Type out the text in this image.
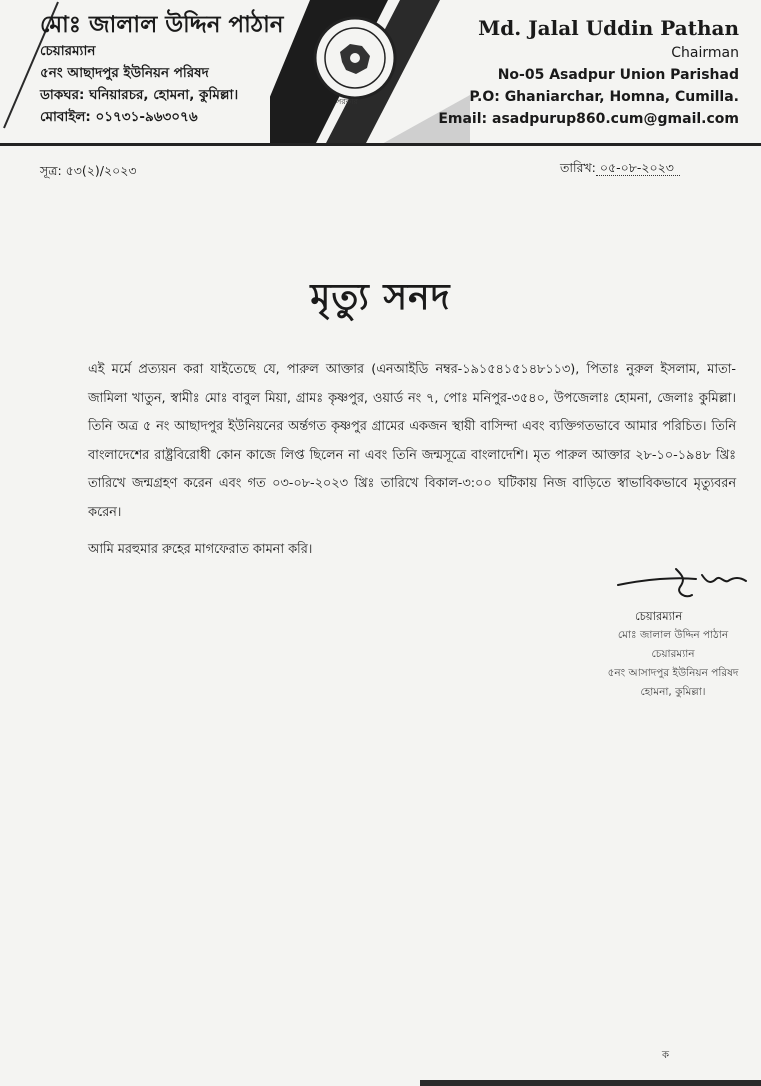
সরকার
মোঃ জালাল উদ্দিন পাঠান
চেয়ারম্যান
৫নং আছাদপুর ইউনিয়ন পরিষদ
ডাকঘর: ঘনিয়ারচর, হোমনা, কুমিল্লা।
মোবাইল: ০১৭৩১-৯৬৩০৭৬
Md. Jalal Uddin Pathan
Chairman
No-05 Asadpur Union Parishad
P.O: Ghaniarchar, Homna, Cumilla.
Email: asadpurup860.cum@gmail.com
সূত্র: ৫৩(২)/২০২৩	তারিখ: ০৫-০৮-২০২৩
মৃত্যু সনদ
এই মর্মে প্রত্যয়ন করা যাইতেছে যে, পারুল আক্তার (এনআইডি নম্বর-১৯১৫৪১৫১৪৮১১৩), পিতাঃ নুরুল ইসলাম, মাতা- জামিলা খাতুন, স্বামীঃ মোঃ বাবুল মিয়া, গ্রামঃ কৃষ্ণপুর, ওয়ার্ড নং ৭, পোঃ মনিপুর-৩৫৪০, উপজেলাঃ হোমনা, জেলাঃ কুমিল্লা। তিনি অত্র ৫ নং আছাদপুর ইউনিয়নের অর্ন্তগত কৃষ্ণপুর গ্রামের একজন স্থায়ী বাসিন্দা এবং ব্যক্তিগতভাবে আমার পরিচিত। তিনি বাংলাদেশের রাষ্ট্রবিরোধী কোন কাজে লিপ্ত ছিলেন না এবং তিনি জন্মসূত্রে বাংলাদেশি। মৃত পারুল আক্তার ২৮-১০-১৯৪৮ খ্রিঃ তারিখে জন্মগ্রহণ করেন এবং গত ০৩-০৮-২০২৩ খ্রিঃ তারিখে বিকাল-৩:০০ ঘটিকায় নিজ বাড়িতে স্বাভাবিকভাবে মৃত্যুবরন করেন।
আমি মরহুমার রুহের মাগফেরাত কামনা করি।
চেয়ারম্যান
মোঃ জালাল উদ্দিন পাঠান
চেয়ারম্যান
৫নং আসাদপুর ইউনিয়ন পরিষদ
হোমনা, কুমিল্লা।
ক
